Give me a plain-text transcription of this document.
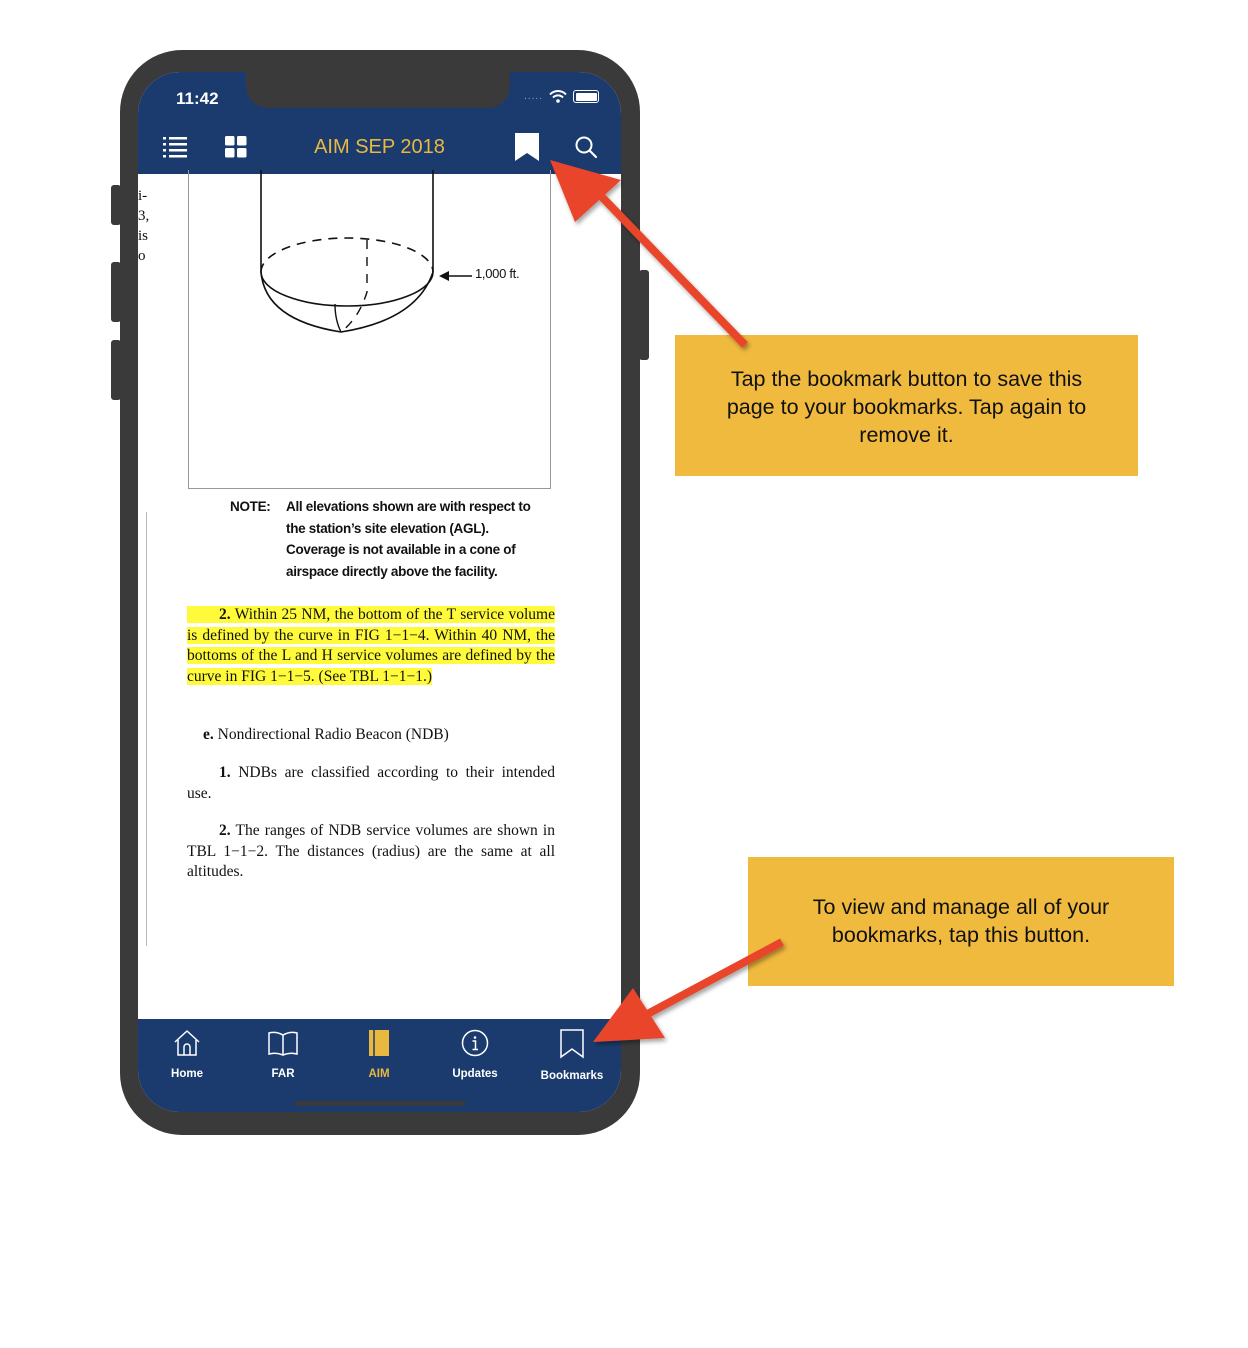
11:42	.....
AIM SEP 2018
i-
3,
is
o
1,000 ft.
NOTE: All elevations shown are with respect to the station’s site elevation (AGL). Coverage is not available in a cone of airspace directly above the facility.
2. Within 25 NM, the bottom of the T service volume is defined by the curve in FIG 1−1−4. Within 40 NM, the bottoms of the L and H service volumes are defined by the curve in FIG 1−1−5. (See TBL 1−1−1.)
e. Nondirectional Radio Beacon (NDB)
1. NDBs are classified according to their intended use.
2. The ranges of NDB service volumes are shown in TBL 1−1−2. The distances (radius) are the same at all altitudes.
Home	FAR	AIM	Updates	Bookmarks
Tap the bookmark button to save this page to your bookmarks. Tap again to remove it.
To view and manage all of your bookmarks, tap this button.
